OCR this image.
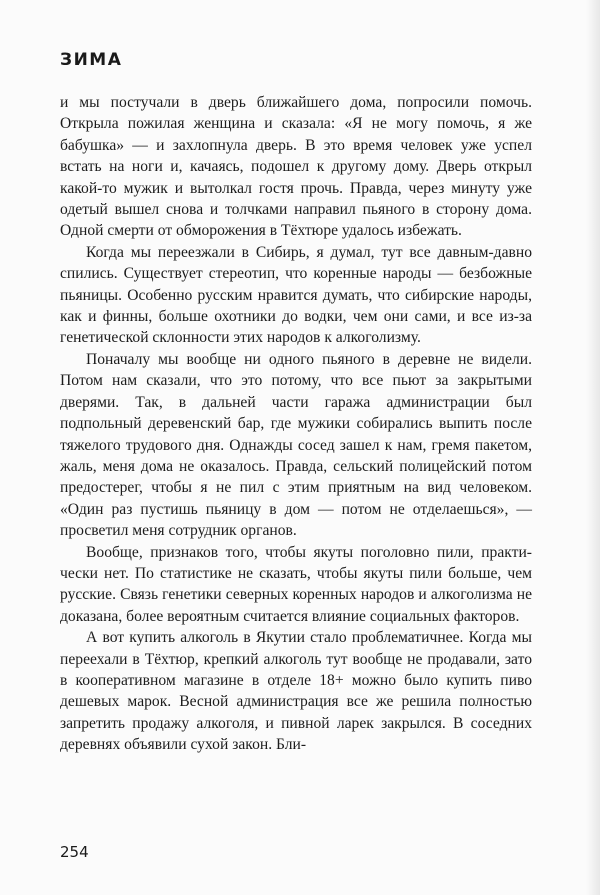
ЗИМА

и мы постучали в дверь ближайшего дома, попросили помочь. Открыла пожилая женщина и сказала: «Я не могу помочь, я же бабушка» — и захлопнула дверь. В это время человек уже успел встать на ноги и, качаясь, подошел к другому дому. Дверь открыл какой-то мужик и вытолкал гостя прочь. Правда, через минуту уже одетый вышел снова и толчками направил пьяного в сторону дома. Одной смерти от обморожения в Тёхтюре удалось избежать.

Когда мы переезжали в Сибирь, я думал, тут все давным-давно спились. Существует стереотип, что коренные народы — безбожные пьяницы. Особенно русским нравится думать, что сибирские народы, как и финны, больше охотники до водки, чем они сами, и все из-за генетической склонности этих народов к алкоголизму.

Поначалу мы вообще ни одного пьяного в деревне не видели. Потом нам сказали, что это потому, что все пьют за закрытыми дверями. Так, в дальней части гаража администрации был подпольный деревенский бар, где мужики собирались выпить после тяжелого трудового дня. Однажды сосед зашел к нам, гремя пакетом, жаль, меня дома не оказалось. Правда, сельский полицейский потом предостерег, чтобы я не пил с этим приятным на вид человеком. «Один раз пустишь пьяницу в дом — потом не отделаешься», — просветил меня сотрудник органов.

Вообще, признаков того, чтобы якуты поголовно пили, практически нет. По статистике не сказать, чтобы якуты пили больше, чем русские. Связь генетики северных коренных народов и алкоголизма не доказана, более вероятным считается влияние социальных факторов.

А вот купить алкоголь в Якутии стало проблематичнее. Когда мы переехали в Тёхтюр, крепкий алкоголь тут вообще не продавали, зато в кооперативном магазине в отделе 18+ можно было купить пиво дешевых марок. Весной администрация все же решила полностью запретить продажу алкоголя, и пивной ларек закрылся. В соседних деревнях объявили сухой закон. Бли-

254
